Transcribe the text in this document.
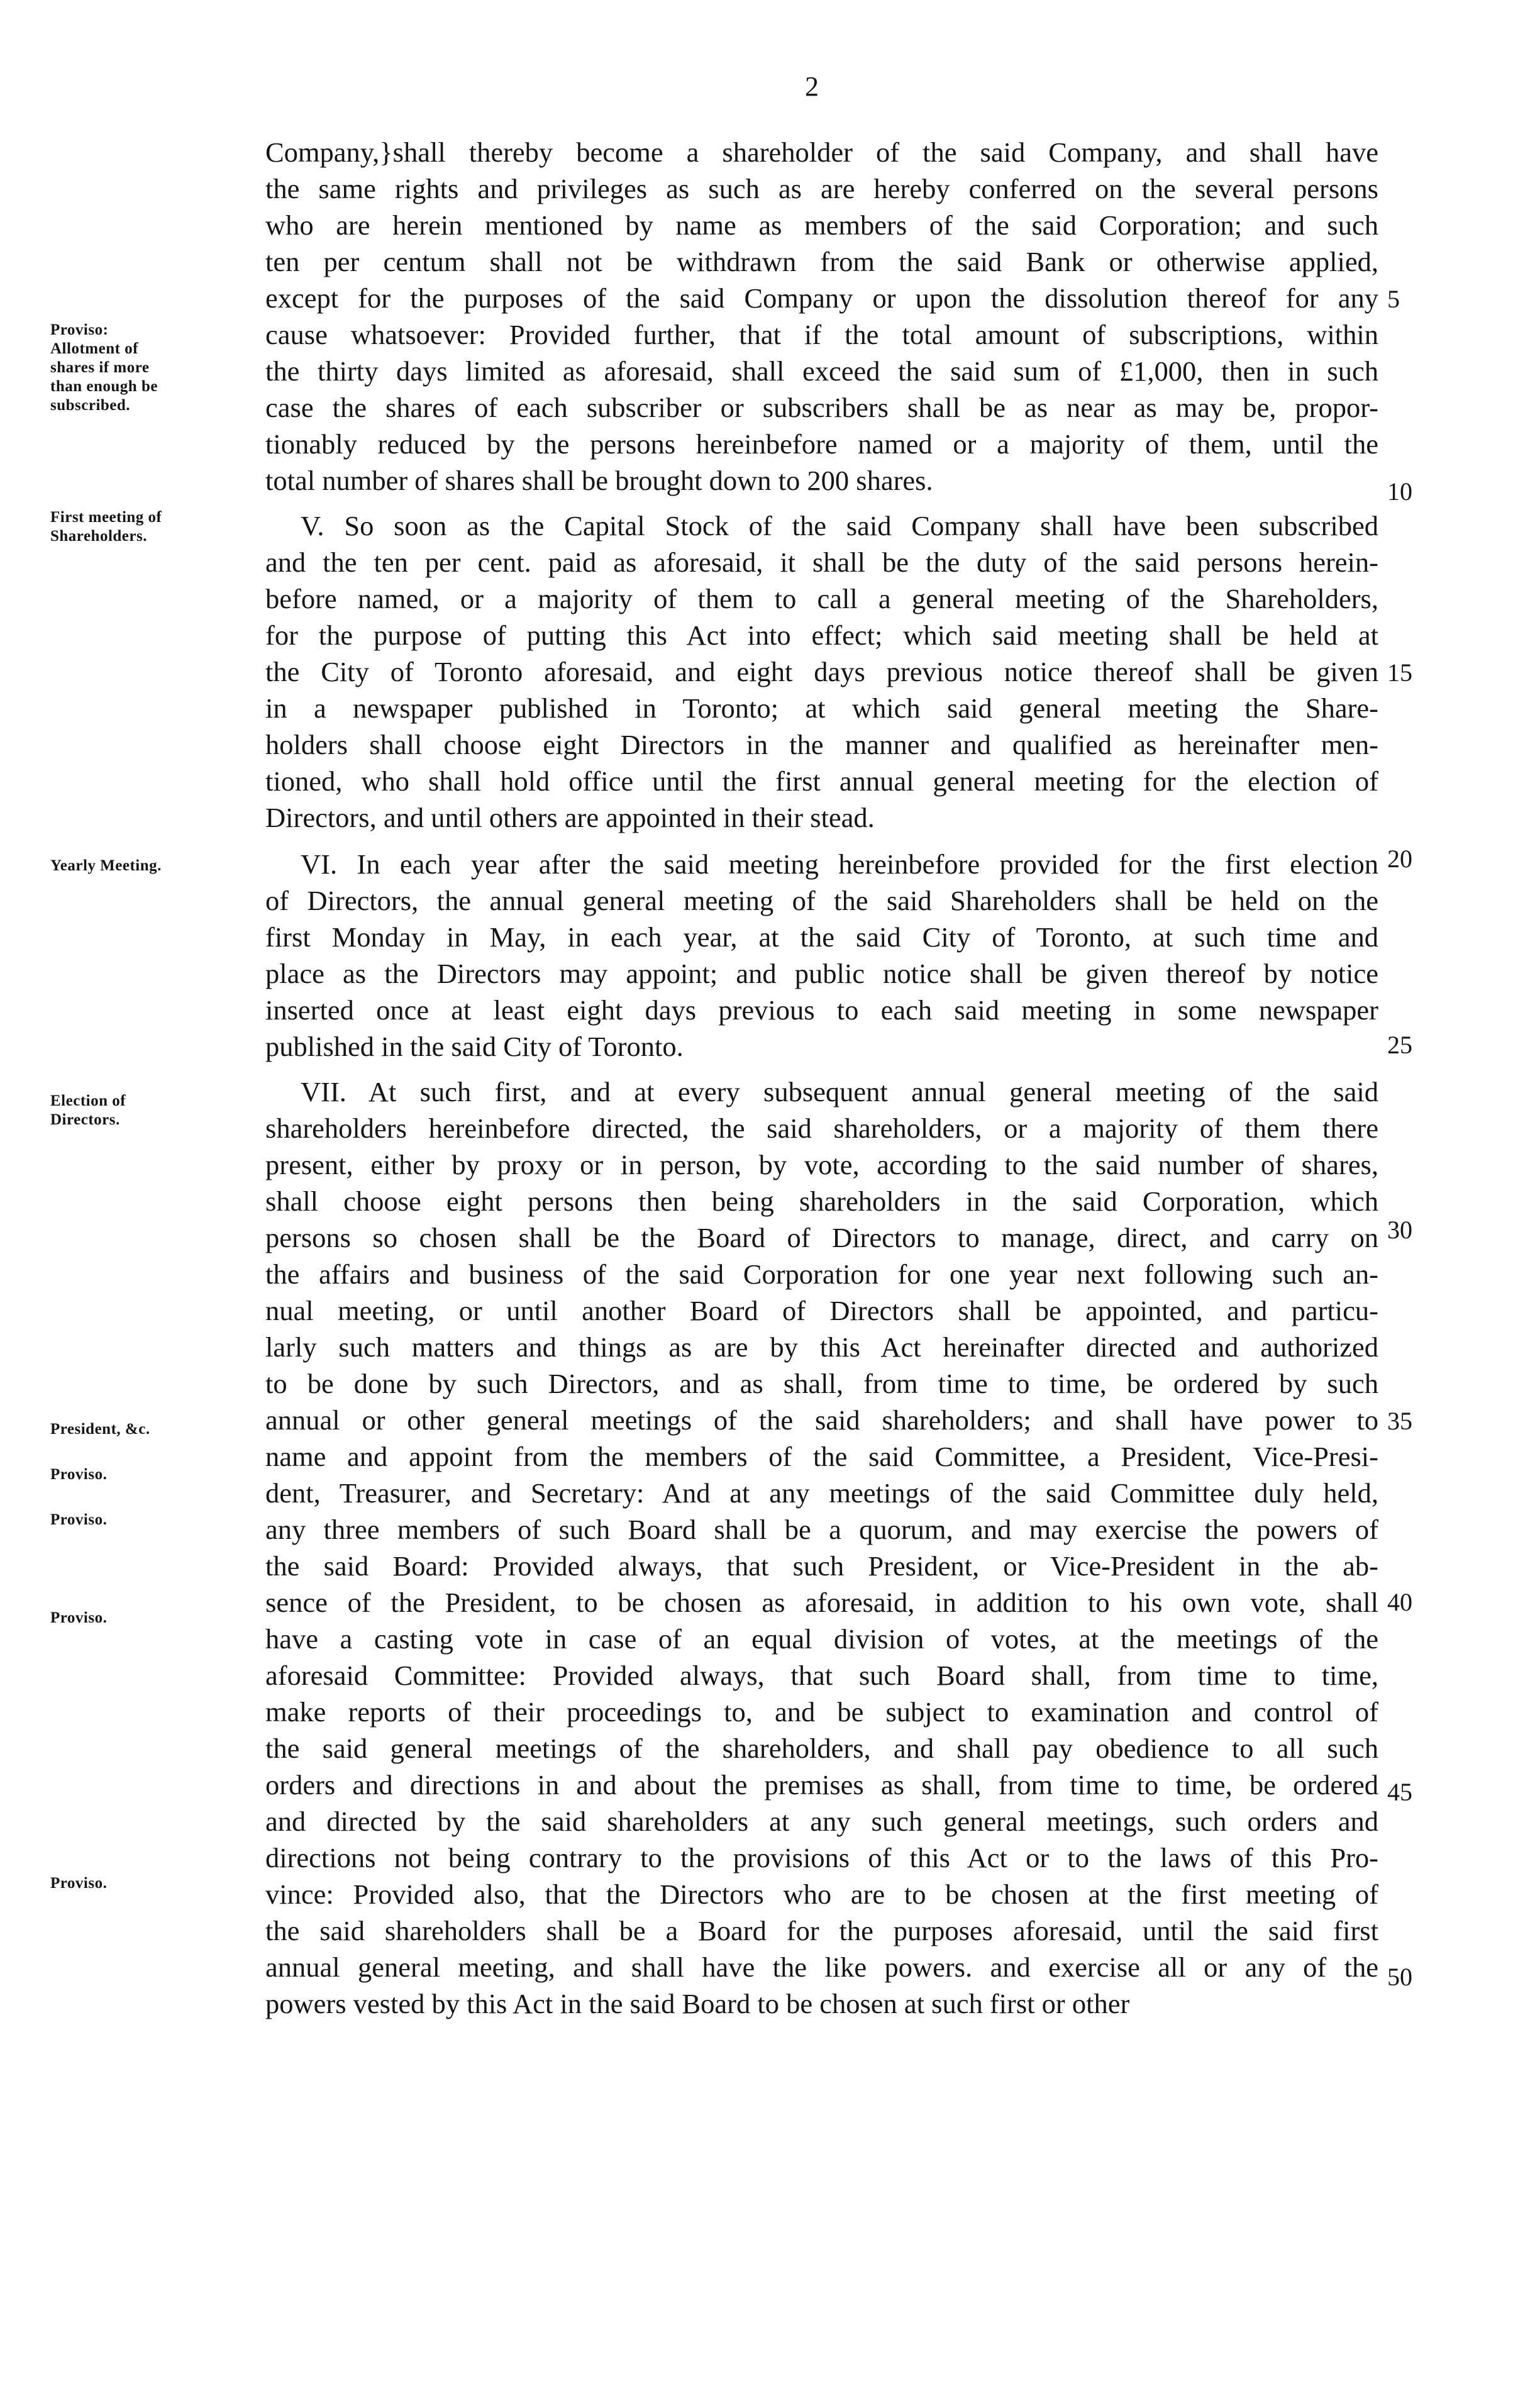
2
Company,}shall thereby become a shareholder of the said Company, and shall have
the same rights and privileges as such as are hereby conferred on the several persons
who are herein mentioned by name as members of the said Corporation; and such
ten per centum shall not be withdrawn from the said Bank or otherwise applied,
except for the purposes of the said Company or upon the dissolution thereof for any
cause whatsoever: Provided further, that if the total amount of subscriptions, within
the thirty days limited as aforesaid, shall exceed the said sum of £1,000, then in such
case the shares of each subscriber or subscribers shall be as near as may be, propor-
tionably reduced by the persons hereinbefore named or a majority of them, until the
total number of shares shall be brought down to 200 shares.
V. So soon as the Capital Stock of the said Company shall have been subscribed
and the ten per cent. paid as aforesaid, it shall be the duty of the said persons herein-
before named, or a majority of them to call a general meeting of the Shareholders,
for the purpose of putting this Act into effect; which said meeting shall be held at
the City of Toronto aforesaid, and eight days previous notice thereof shall be given
in a newspaper published in Toronto; at which said general meeting the Share-
holders shall choose eight Directors in the manner and qualified as hereinafter men-
tioned, who shall hold office until the first annual general meeting for the election of
Directors, and until others are appointed in their stead.
VI. In each year after the said meeting hereinbefore provided for the first election
of Directors, the annual general meeting of the said Shareholders shall be held on the
first Monday in May, in each year, at the said City of Toronto, at such time and
place as the Directors may appoint; and public notice shall be given thereof by notice
inserted once at least eight days previous to each said meeting in some newspaper
published in the said City of Toronto.
VII. At such first, and at every subsequent annual general meeting of the said
shareholders hereinbefore directed, the said shareholders, or a majority of them there
present, either by proxy or in person, by vote, according to the said number of shares,
shall choose eight persons then being shareholders in the said Corporation, which
persons so chosen shall be the Board of Directors to manage, direct, and carry on
the affairs and business of the said Corporation for one year next following such an-
nual meeting, or until another Board of Directors shall be appointed, and particu-
larly such matters and things as are by this Act hereinafter directed and authorized
to be done by such Directors, and as shall, from time to time, be ordered by such
annual or other general meetings of the said shareholders; and shall have power to
name and appoint from the members of the said Committee, a President, Vice-Presi-
dent, Treasurer, and Secretary: And at any meetings of the said Committee duly held,
any three members of such Board shall be a quorum, and may exercise the powers of
the said Board: Provided always, that such President, or Vice-President in the ab-
sence of the President, to be chosen as aforesaid, in addition to his own vote, shall
have a casting vote in case of an equal division of votes, at the meetings of the
aforesaid Committee: Provided always, that such Board shall, from time to time,
make reports of their proceedings to, and be subject to examination and control of
the said general meetings of the shareholders, and shall pay obedience to all such
orders and directions in and about the premises as shall, from time to time, be ordered
and directed by the said shareholders at any such general meetings, such orders and
directions not being contrary to the provisions of this Act or to the laws of this Pro-
vince: Provided also, that the Directors who are to be chosen at the first meeting of
the said shareholders shall be a Board for the purposes aforesaid, until the said first
annual general meeting, and shall have the like powers. and exercise all or any of the
powers vested by this Act in the said Board to be chosen at such first or other
5
10
15
20
25
30
35
40
45
50
Proviso:
Allotment of
shares if more
than enough be
subscribed.
First meeting of
Shareholders.
Yearly Meeting.
Election of
Directors.
President, &c.
Proviso.
Proviso.
Proviso.
Proviso.
